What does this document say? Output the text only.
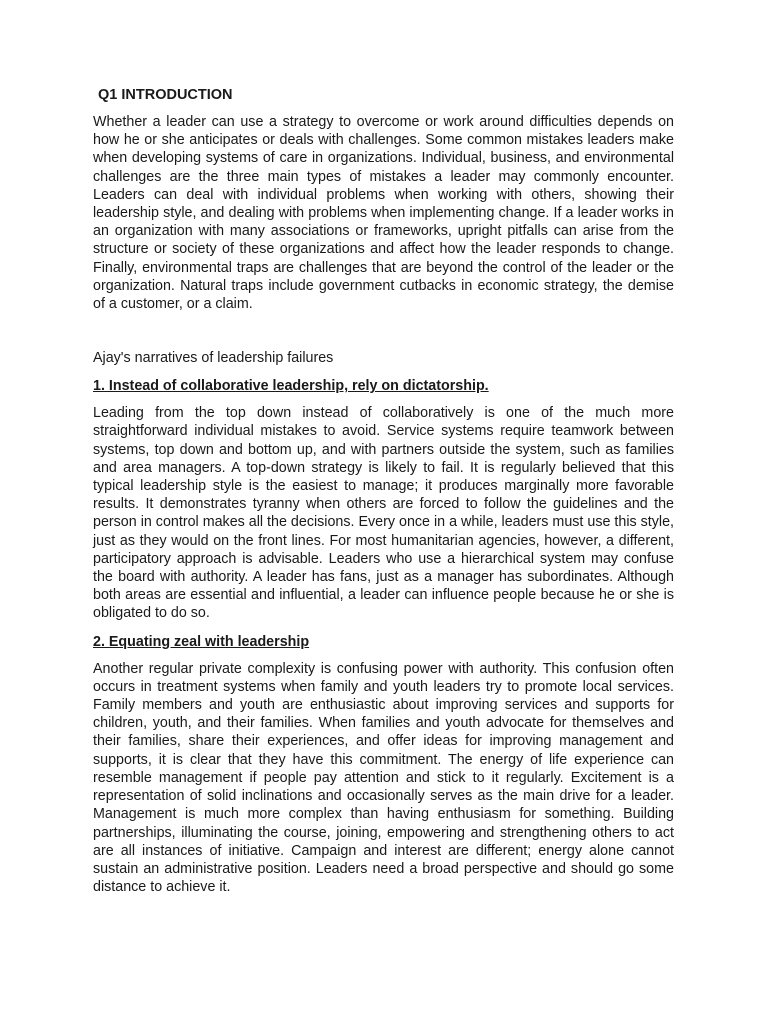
Q1 INTRODUCTION

Whether a leader can use a strategy to overcome or work around difficulties depends on how he or she anticipates or deals with challenges. Some common mistakes leaders make when developing systems of care in organizations. Individual, business, and environmental challenges are the three main types of mistakes a leader may commonly encounter. Leaders can deal with individual problems when working with others, showing their leadership style, and dealing with problems when implementing change. If a leader works in an organization with many associations or frameworks, upright pitfalls can arise from the structure or society of these organizations and affect how the leader responds to change. Finally, environmental traps are challenges that are beyond the control of the leader or the organization. Natural traps include government cutbacks in economic strategy, the demise of a customer, or a claim.

Ajay's narratives of leadership failures
1. Instead of collaborative leadership, rely on dictatorship.

Leading from the top down instead of collaboratively is one of the much more straightforward individual mistakes to avoid. Service systems require teamwork between systems, top down and bottom up, and with partners outside the system, such as families and area managers. A top-down strategy is likely to fail. It is regularly believed that this typical leadership style is the easiest to manage; it produces marginally more favorable results. It demonstrates tyranny when others are forced to follow the guidelines and the person in control makes all the decisions. Every once in a while, leaders must use this style, just as they would on the front lines. For most humanitarian agencies, however, a different, participatory approach is advisable. Leaders who use a hierarchical system may confuse the board with authority. A leader has fans, just as a manager has subordinates. Although both areas are essential and influential, a leader can influence people because he or she is obligated to do so.

2. Equating zeal with leadership

Another regular private complexity is confusing power with authority. This confusion often occurs in treatment systems when family and youth leaders try to promote local services. Family members and youth are enthusiastic about improving services and supports for children, youth, and their families. When families and youth advocate for themselves and their families, share their experiences, and offer ideas for improving management and supports, it is clear that they have this commitment. The energy of life experience can resemble management if people pay attention and stick to it regularly. Excitement is a representation of solid inclinations and occasionally serves as the main drive for a leader. Management is much more complex than having enthusiasm for something. Building partnerships, illuminating the course, joining, empowering and strengthening others to act are all instances of initiative. Campaign and interest are different; energy alone cannot sustain an administrative position. Leaders need a broad perspective and should go some distance to achieve it.
